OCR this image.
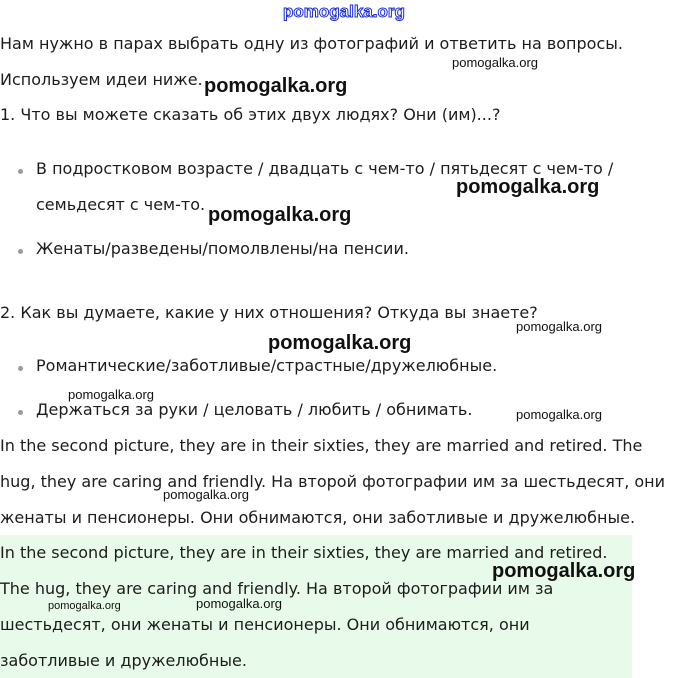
pomogalka.org
Нам нужно в парах выбрать одну из фотографий и ответить на вопросы.
Используем идеи ниже.
1. Что вы можете сказать об этих двух людях? Они (им)...?
В подростковом возрасте / двадцать с чем-то / пятьдесят с чем-то /
семьдесят с чем-то.
Женаты/разведены/помолвлены/на пенсии.
2. Как вы думаете, какие у них отношения? Откуда вы знаете?
Романтические/заботливые/страстные/дружелюбные.
Держаться за руки / целовать / любить / обнимать.
In the second picture, they are in their sixties, they are married and retired. The
hug, they are caring and friendly. На второй фотографии им за шестьдесят, они
женаты и пенсионеры. Они обнимаются, они заботливые и дружелюбные.
In the second picture, they are in their sixties, they are married and retired.
The hug, they are caring and friendly. На второй фотографии им за
шестьдесят, они женаты и пенсионеры. Они обнимаются, они
заботливые и дружелюбные.
pomogalka.org
pomogalka.org
pomogalka.org
pomogalka.org
pomogalka.org
pomogalka.org
pomogalka.org
pomogalka.org
pomogalka.org
pomogalka.org
pomogalka.org	pomogalka.org
